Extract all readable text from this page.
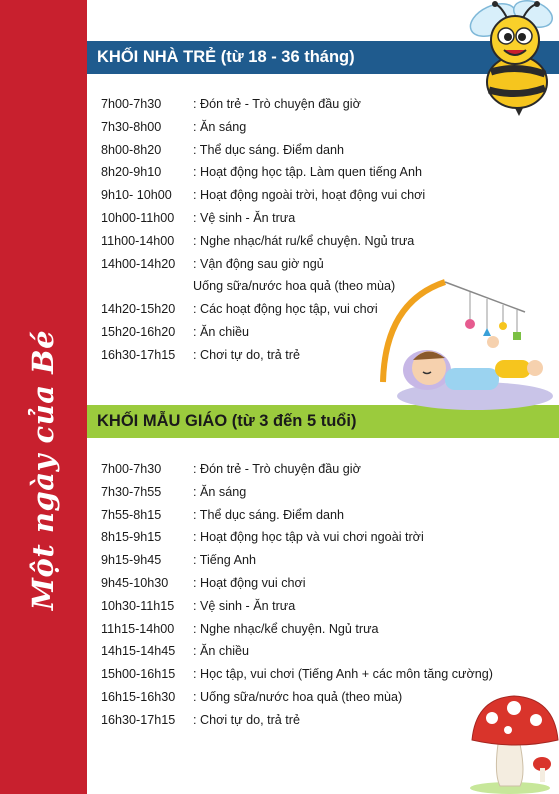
Một ngày của Bé
KHỐI NHÀ TRẺ (từ 18 - 36 tháng)
7h00-7h30	: Đón trẻ - Trò chuyện đầu giờ
7h30-8h00	: Ăn sáng
8h00-8h20	: Thể dục sáng. Điểm danh
8h20-9h10	: Hoạt động học tập. Làm quen tiếng Anh
9h10- 10h00 : Hoạt động ngoài trời, hoạt động vui chơi
10h00-11h00 : Vệ sinh - Ăn trưa
11h00-14h00 : Nghe nhạc/hát ru/kể chuyện. Ngủ trưa
14h00-14h20 : Vận động sau giờ ngủ
Uống sữa/nước hoa quả (theo mùa)
14h20-15h20 : Các hoạt động học tập, vui chơi
15h20-16h20 : Ăn chiều
16h30-17h15 : Chơi tự do, trả trẻ
KHỐI MẪU GIÁO (từ 3 đến 5 tuổi)
7h00-7h30	: Đón trẻ - Trò chuyện đầu giờ
7h30-7h55	: Ăn sáng
7h55-8h15	: Thể dục sáng. Điểm danh
8h15-9h15	: Hoạt động học tập và vui chơi ngoài trời
9h15-9h45	: Tiếng Anh
9h45-10h30 : Hoạt động vui chơi
10h30-11h15 : Vệ sinh - Ăn trưa
11h15-14h00 : Nghe nhạc/kể chuyện. Ngủ trưa
14h15-14h45 : Ăn chiều
15h00-16h15 : Học tập, vui chơi (Tiếng Anh + các môn tăng cường)
16h15-16h30 : Uống sữa/nước hoa quả (theo mùa)
16h30-17h15 : Chơi tự do, trả trẻ
